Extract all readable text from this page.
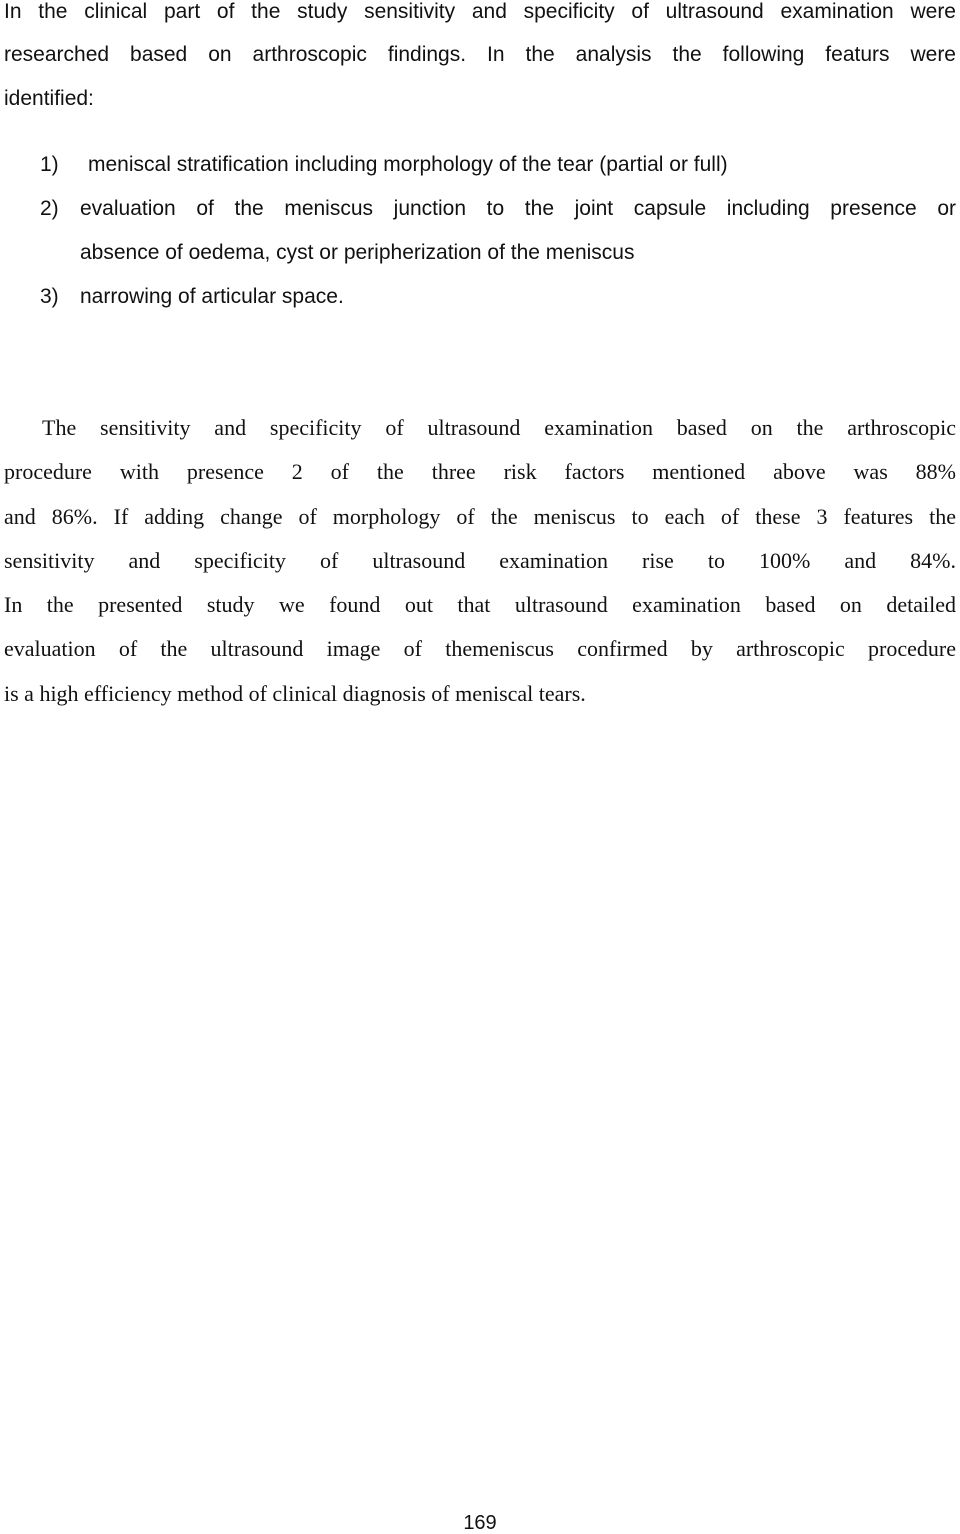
In the clinical part of the study sensitivity and specificity of ultrasound examination were
researched based on arthroscopic findings. In the analysis the following featurs were
identified:
1) meniscal stratification including morphology of the tear (partial or full)
2) evaluation of the meniscus junction to the joint capsule including presence or
absence of oedema, cyst or peripherization of the meniscus
3) narrowing of articular space.
The sensitivity and specificity of ultrasound examination based on the arthroscopic
procedure with presence 2 of the three risk factors mentioned above was 88%
and 86%. If adding change of morphology of the meniscus to each of these 3 features the
sensitivity and specificity of ultrasound examination rise to 100% and 84%.
In the presented study we found out that ultrasound examination based on detailed
evaluation of the ultrasound image of themeniscus confirmed by arthroscopic procedure
is a high efficiency method of clinical diagnosis of meniscal tears.
169
